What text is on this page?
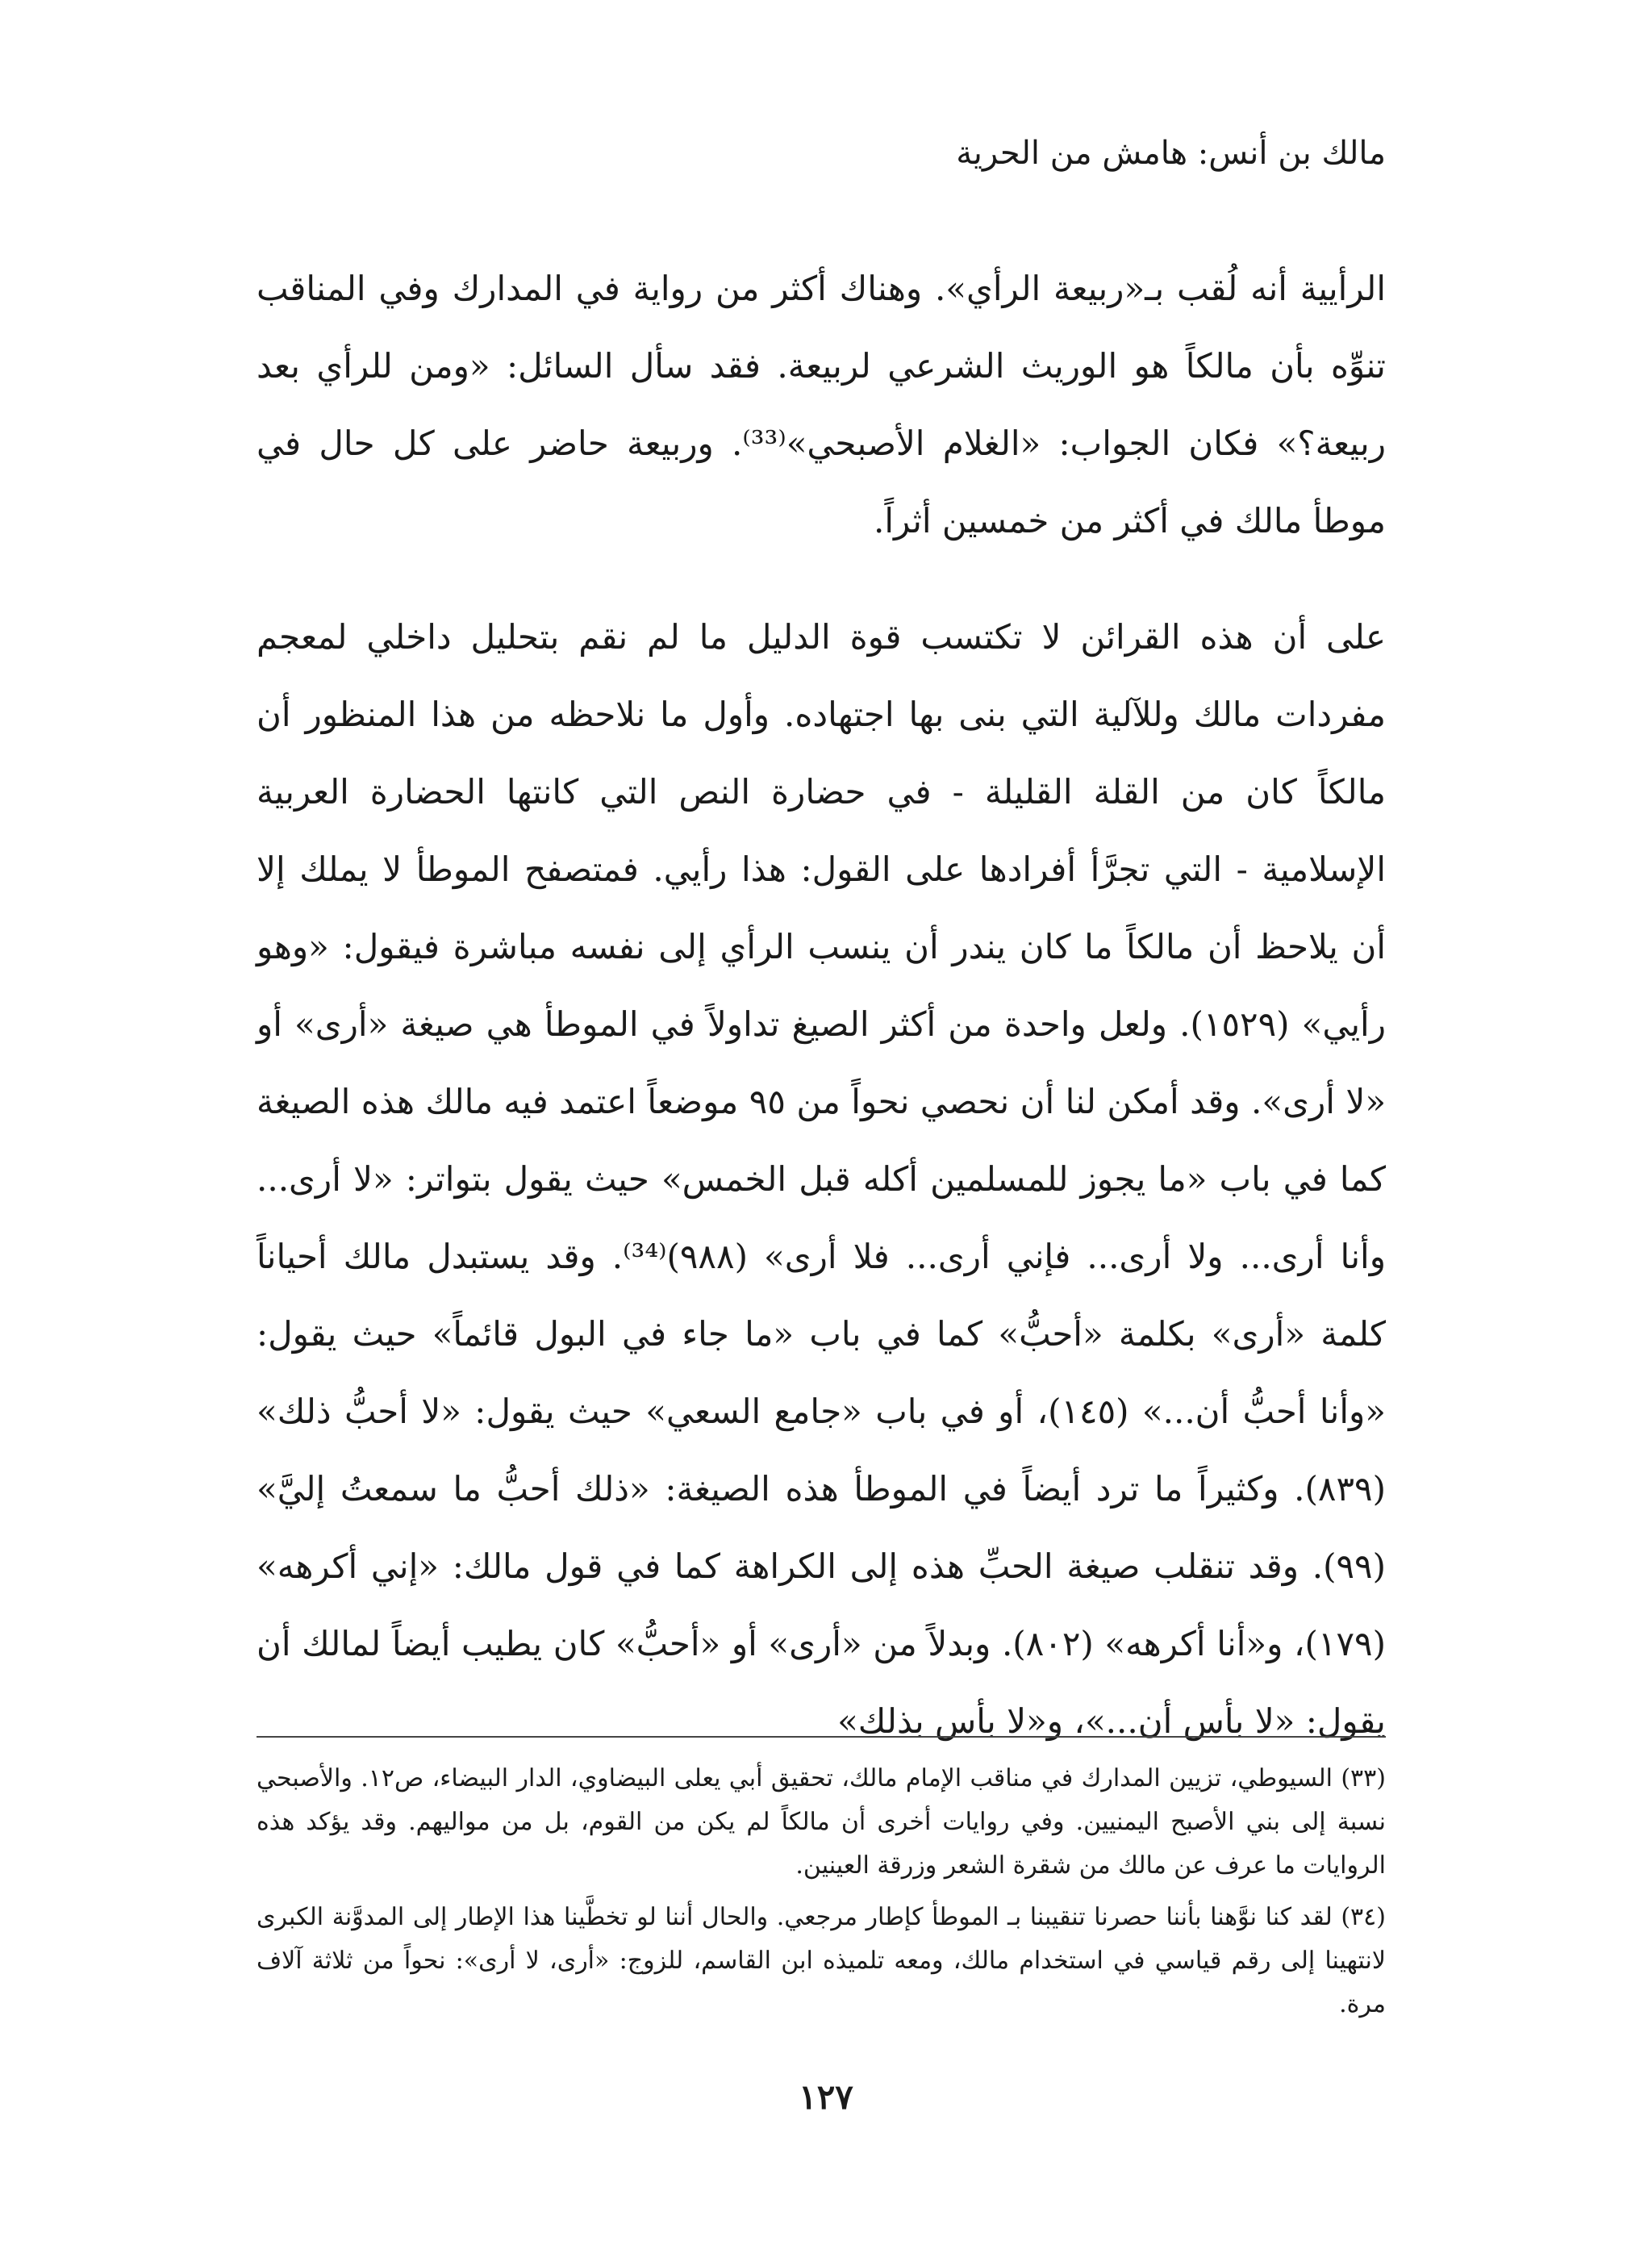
مالك بن أنس: هامش من الحرية

الرأيية أنه لُقب بـ«ربيعة الرأي». وهناك أكثر من رواية في المدارك وفي المناقب تنوِّه بأن مالكاً هو الوريث الشرعي لربيعة. فقد سأل السائل: «ومن للرأي بعد ربيعة؟» فكان الجواب: «الغلام الأصبحي»⁽³³⁾. وربيعة حاضر على كل حال في موطأ مالك في أكثر من خمسين أثراً.

على أن هذه القرائن لا تكتسب قوة الدليل ما لم نقم بتحليل داخلي لمعجم مفردات مالك وللآلية التي بنى بها اجتهاده. وأول ما نلاحظه من هذا المنظور أن مالكاً كان من القلة القليلة - في حضارة النص التي كانتها الحضارة العربية الإسلامية - التي تجرَّأ أفرادها على القول: هذا رأيي. فمتصفح الموطأ لا يملك إلا أن يلاحظ أن مالكاً ما كان يندر أن ينسب الرأي إلى نفسه مباشرة فيقول: «وهو رأيي» (١٥٢٩). ولعل واحدة من أكثر الصيغ تداولاً في الموطأ هي صيغة «أرى» أو «لا أرى». وقد أمكن لنا أن نحصي نحواً من ٩٥ موضعاً اعتمد فيه مالك هذه الصيغة كما في باب «ما يجوز للمسلمين أكله قبل الخمس» حيث يقول بتواتر: «لا أرى... وأنا أرى... ولا أرى... فإني أرى... فلا أرى» (٩٨٨)⁽³⁴⁾. وقد يستبدل مالك أحياناً كلمة «أرى» بكلمة «أحبُّ» كما في باب «ما جاء في البول قائماً» حيث يقول: «وأنا أحبُّ أن...» (١٤٥)، أو في باب «جامع السعي» حيث يقول: «لا أحبُّ ذلك» (٨٣٩). وكثيراً ما ترد أيضاً في الموطأ هذه الصيغة: «ذلك أحبُّ ما سمعتُ إليَّ» (٩٩). وقد تنقلب صيغة الحبِّ هذه إلى الكراهة كما في قول مالك: «إني أكرهه» (١٧٩)، و«أنا أكرهه» (٨٠٢). وبدلاً من «أرى» أو «أحبُّ» كان يطيب أيضاً لمالك أن يقول: «لا بأس أن...»، و«لا بأس بذلك»

(٣٣) السيوطي، تزيين المدارك في مناقب الإمام مالك، تحقيق أبي يعلى البيضاوي، الدار البيضاء، ص١٢. والأصبحي نسبة إلى بني الأصبح اليمنيين. وفي روايات أخرى أن مالكاً لم يكن من القوم، بل من مواليهم. وقد يؤكد هذه الروايات ما عرف عن مالك من شقرة الشعر وزرقة العينين.

(٣٤) لقد كنا نوَّهنا بأننا حصرنا تنقيبنا بـ الموطأ كإطار مرجعي. والحال أننا لو تخطَّينا هذا الإطار إلى المدوَّنة الكبرى لانتهينا إلى رقم قياسي في استخدام مالك، ومعه تلميذه ابن القاسم، للزوج: «أرى، لا أرى»: نحواً من ثلاثة آلاف مرة.

١٢٧
